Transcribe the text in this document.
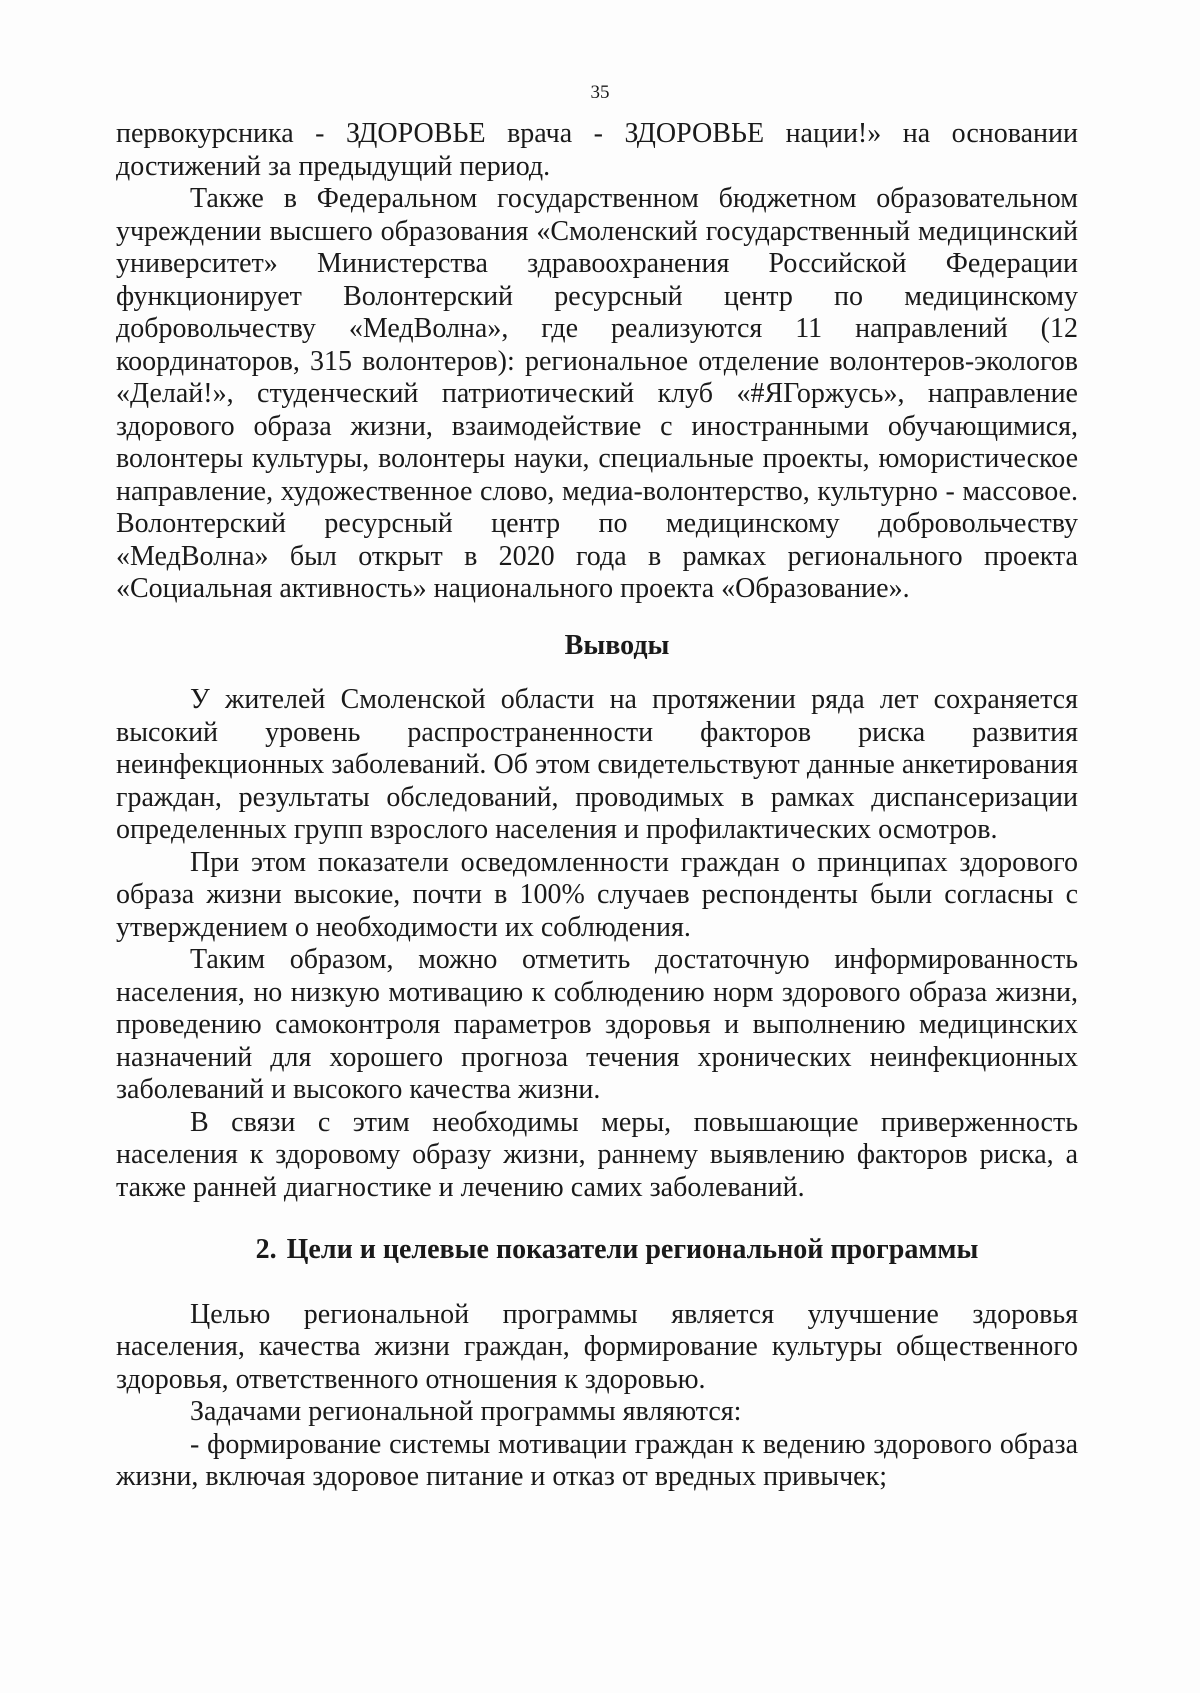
35

первокурсника - ЗДОРОВЬЕ врача - ЗДОРОВЬЕ нации!» на основании достижений за предыдущий период.

Также в Федеральном государственном бюджетном образовательном учреждении высшего образования «Смоленский государственный медицинский университет» Министерства здравоохранения Российской Федерации функционирует Волонтерский ресурсный центр по медицинскому добровольчеству «МедВолна», где реализуются 11 направлений (12 координаторов, 315 волонтеров): региональное отделение волонтеров-экологов «Делай!», студенческий патриотический клуб «#ЯГоржусь», направление здорового образа жизни, взаимодействие с иностранными обучающимися, волонтеры культуры, волонтеры науки, специальные проекты, юмористическое направление, художественное слово, медиа-волонтерство, культурно - массовое. Волонтерский ресурсный центр по медицинскому добровольчеству «МедВолна» был открыт в 2020 года в рамках регионального проекта «Социальная активность» национального проекта «Образование».

Выводы

У жителей Смоленской области на протяжении ряда лет сохраняется высокий уровень распространенности факторов риска развития неинфекционных заболеваний. Об этом свидетельствуют данные анкетирования граждан, результаты обследований, проводимых в рамках диспансеризации определенных групп взрослого населения и профилактических осмотров.

При этом показатели осведомленности граждан о принципах здорового образа жизни высокие, почти в 100% случаев респонденты были согласны с утверждением о необходимости их соблюдения.

Таким образом, можно отметить достаточную информированность населения, но низкую мотивацию к соблюдению норм здорового образа жизни, проведению самоконтроля параметров здоровья и выполнению медицинских назначений для хорошего прогноза течения хронических неинфекционных заболеваний и высокого качества жизни.

В связи с этим необходимы меры, повышающие приверженность населения к здоровому образу жизни, раннему выявлению факторов риска, а также ранней диагностике и лечению самих заболеваний.

2. Цели и целевые показатели региональной программы

Целью региональной программы является улучшение здоровья населения, качества жизни граждан, формирование культуры общественного здоровья, ответственного отношения к здоровью.

Задачами региональной программы являются:

- формирование системы мотивации граждан к ведению здорового образа жизни, включая здоровое питание и отказ от вредных привычек;
